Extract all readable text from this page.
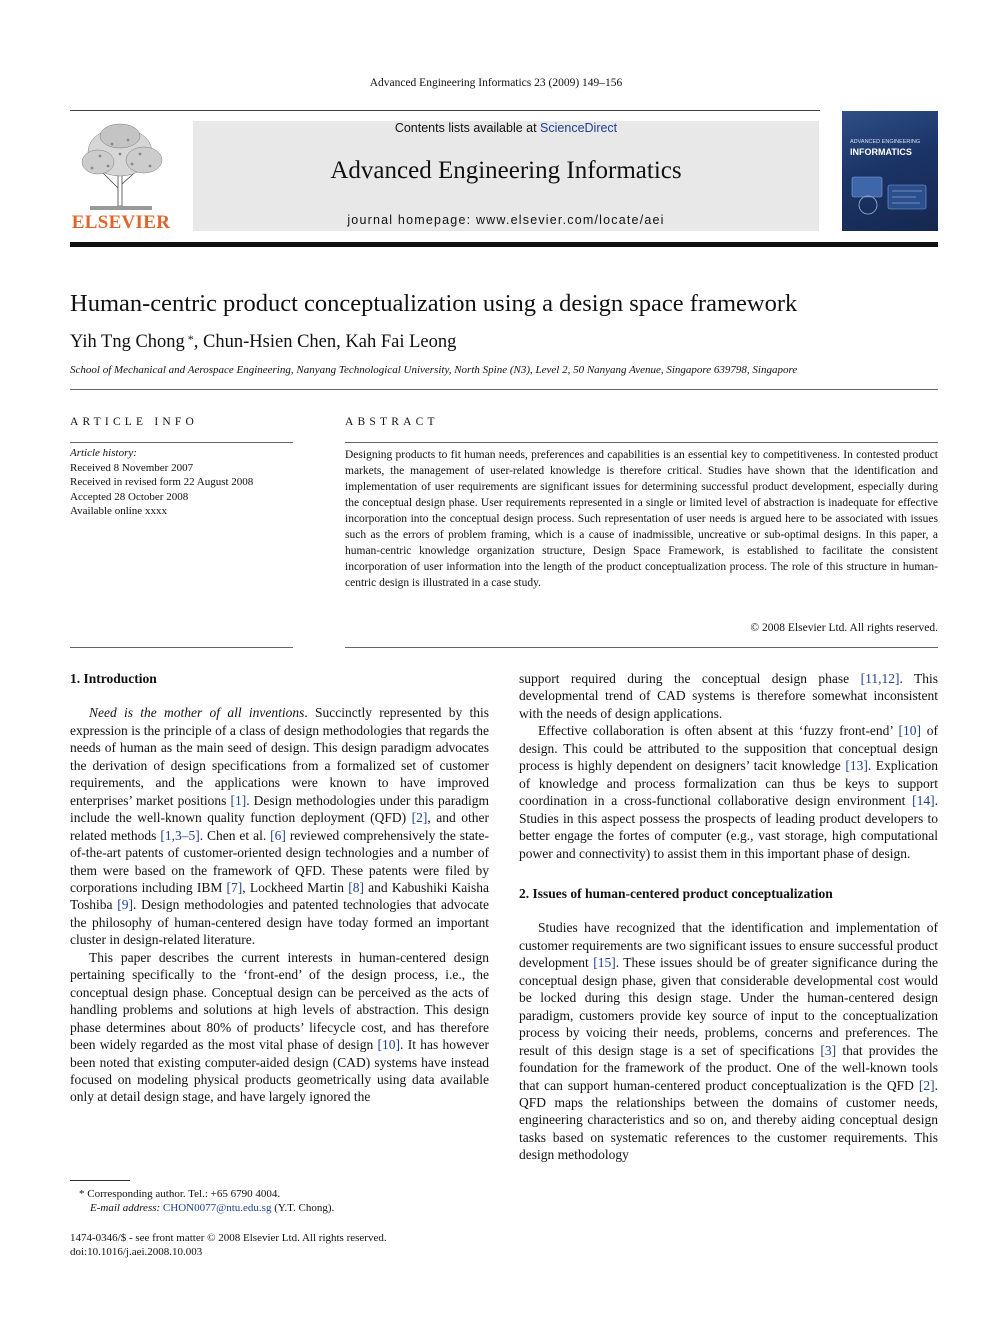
Advanced Engineering Informatics 23 (2009) 149–156
ELSEVIER
Contents lists available at ScienceDirect
Advanced Engineering Informatics
journal homepage: www.elsevier.com/locate/aei
ADVANCED ENGINEERING
INFORMATICS
Human-centric product conceptualization using a design space framework
Yih Tng Chong *, Chun-Hsien Chen, Kah Fai Leong
School of Mechanical and Aerospace Engineering, Nanyang Technological University, North Spine (N3), Level 2, 50 Nanyang Avenue, Singapore 639798, Singapore
ARTICLE INFO
Article history:
Received 8 November 2007
Received in revised form 22 August 2008
Accepted 28 October 2008
Available online xxxx
ABSTRACT
Designing products to fit human needs, preferences and capabilities is an essential key to competitiveness. In contested product markets, the management of user-related knowledge is therefore critical. Studies have shown that the identification and implementation of user requirements are significant issues for determining successful product development, especially during the conceptual design phase. User requirements represented in a single or limited level of abstraction is inadequate for effective incorporation into the conceptual design process. Such representation of user needs is argued here to be associated with issues such as the errors of problem framing, which is a cause of inadmissible, uncreative or sub-optimal designs. In this paper, a human-centric knowledge organization structure, Design Space Framework, is established to facilitate the consistent incorporation of user information into the length of the product conceptualization process. The role of this structure in human-centric design is illustrated in a case study.
© 2008 Elsevier Ltd. All rights reserved.
1. Introduction

Need is the mother of all inventions. Succinctly represented by this expression is the principle of a class of design methodologies that regards the needs of human as the main seed of design. This design paradigm advocates the derivation of design specifications from a formalized set of customer requirements, and the applications were known to have improved enterprises’ market positions [1]. Design methodologies under this paradigm include the well-known quality function deployment (QFD) [2], and other related methods [1,3–5]. Chen et al. [6] reviewed comprehensively the state-of-the-art patents of customer-oriented design technologies and a number of them were based on the framework of QFD. These patents were filed by corporations including IBM [7], Lockheed Martin [8] and Kabushiki Kaisha Toshiba [9]. Design methodologies and patented technologies that advocate the philosophy of human-centered design have today formed an important cluster in design-related literature.

This paper describes the current interests in human-centered design pertaining specifically to the ‘front-end’ of the design process, i.e., the conceptual design phase. Conceptual design can be perceived as the acts of handling problems and solutions at high levels of abstraction. This design phase determines about 80% of products’ lifecycle cost, and has therefore been widely regarded as the most vital phase of design [10]. It has however been noted that existing computer-aided design (CAD) systems have instead focused on modeling physical products geometrically using data available only at detail design stage, and have largely ignored the

support required during the conceptual design phase [11,12]. This developmental trend of CAD systems is therefore somewhat inconsistent with the needs of design applications.

Effective collaboration is often absent at this ‘fuzzy front-end’ [10] of design. This could be attributed to the supposition that conceptual design process is highly dependent on designers’ tacit knowledge [13]. Explication of knowledge and process formalization can thus be keys to support coordination in a cross-functional collaborative design environment [14]. Studies in this aspect possess the prospects of leading product developers to better engage the fortes of computer (e.g., vast storage, high computational power and connectivity) to assist them in this important phase of design.

2. Issues of human-centered product conceptualization

Studies have recognized that the identification and implementation of customer requirements are two significant issues to ensure successful product development [15]. These issues should be of greater significance during the conceptual design phase, given that considerable developmental cost would be locked during this design stage. Under the human-centered design paradigm, customers provide key source of input to the conceptualization process by voicing their needs, problems, concerns and preferences. The result of this design stage is a set of specifications [3] that provides the foundation for the framework of the product. One of the well-known tools that can support human-centered product conceptualization is the QFD [2]. QFD maps the relationships between the domains of customer needs, engineering characteristics and so on, and thereby aiding conceptual design tasks based on systematic references to the customer requirements. This design methodology

* Corresponding author. Tel.: +65 6790 4004.
E-mail address: CHON0077@ntu.edu.sg (Y.T. Chong).
1474-0346/$ - see front matter © 2008 Elsevier Ltd. All rights reserved.
doi:10.1016/j.aei.2008.10.003
